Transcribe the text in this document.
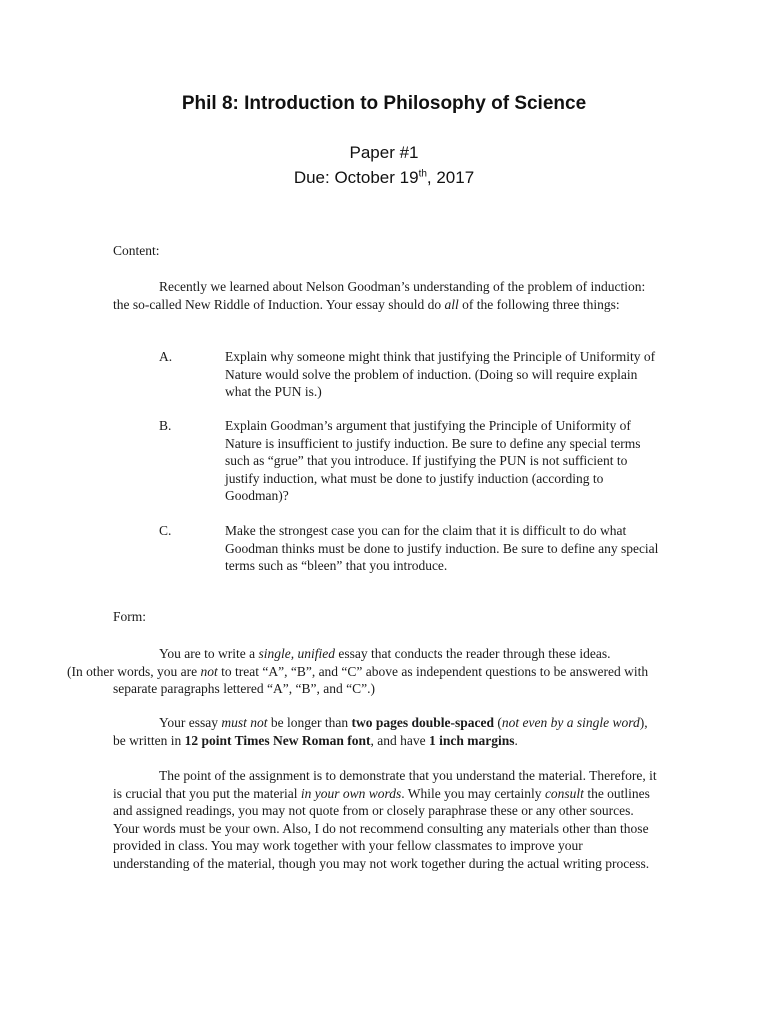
Phil 8: Introduction to Philosophy of Science
Paper #1
Due: October 19th, 2017
Content:

Recently we learned about Nelson Goodman’s understanding of the problem of induction: the so-called New Riddle of Induction. Your essay should do all of the following three things:

A.	Explain why someone might think that justifying the Principle of Uniformity of Nature would solve the problem of induction. (Doing so will require explain what the PUN is.)

B.	Explain Goodman’s argument that justifying the Principle of Uniformity of Nature is insufficient to justify induction. Be sure to define any special terms such as “grue” that you introduce. If justifying the PUN is not sufficient to justify induction, what must be done to justify induction (according to Goodman)?

C.	Make the strongest case you can for the claim that it is difficult to do what Goodman thinks must be done to justify induction. Be sure to define any special terms such as “bleen” that you introduce.

Form:

You are to write a single, unified essay that conducts the reader through these ideas.
(In other words, you are not to treat “A”, “B”, and “C” above as independent questions to be answered with separate paragraphs lettered “A”, “B”, and “C”.)

Your essay must not be longer than two pages double-spaced (not even by a single word), be written in 12 point Times New Roman font, and have 1 inch margins.

The point of the assignment is to demonstrate that you understand the material. Therefore, it is crucial that you put the material in your own words. While you may certainly consult the outlines and assigned readings, you may not quote from or closely paraphrase these or any other sources. Your words must be your own. Also, I do not recommend consulting any materials other than those provided in class. You may work together with your fellow classmates to improve your understanding of the material, though you may not work together during the actual writing process.
